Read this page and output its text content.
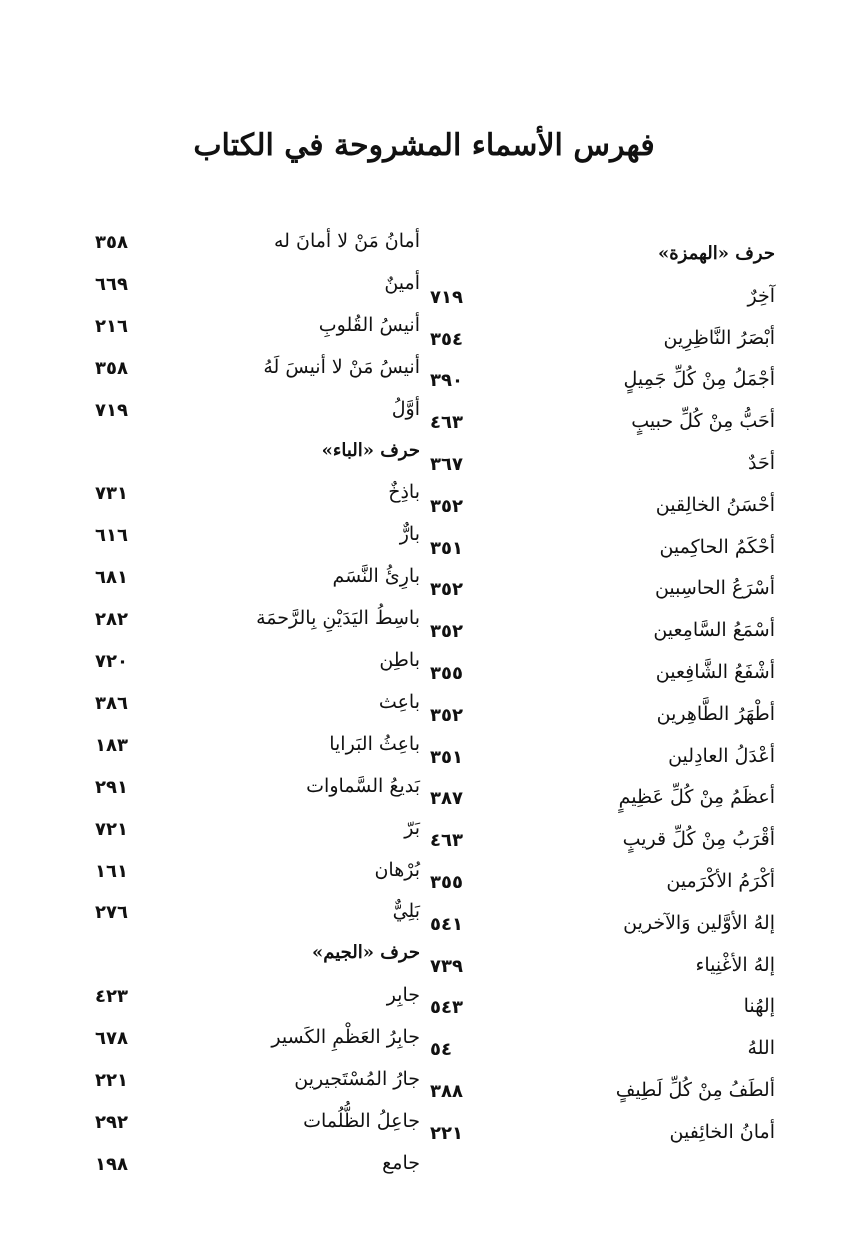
فهرس الأسماء المشروحة في الكتاب
حرف «الهمزة»
آخِرٌ
٧١٩
أبْصَرُ النَّاظِرِين
٣٥٤
أجْمَلُ مِنْ كُلِّ جَمِيلٍ
٣٩٠
أحَبُّ مِنْ كُلِّ حبيبٍ
٤٦٣
أحَدٌ
٣٦٧
أحْسَنُ الخالِقين
٣٥٢
أحْكَمُ الحاكِمين
٣٥١
أسْرَعُ الحاسِبين
٣٥٢
أسْمَعُ السَّامِعين
٣٥٢
أشْفَعُ الشَّافِعين
٣٥٥
أطْهَرُ الطَّاهِرين
٣٥٢
أعْدَلُ العادِلين
٣٥١
أعظَمُ مِنْ كُلِّ عَظِيمٍ
٣٨٧
أقْرَبُ مِنْ كُلِّ قريبٍ
٤٦٣
أكْرَمُ الأكْرَمين
٣٥٥
إلهُ الأوَّلين وَالآخرين
٥٤١
إلهُ الأغْنِياء
٧٣٩
إلهُنا
٥٤٣
اللهُ
٥٤
ألطَفُ مِنْ كُلِّ لَطِيفٍ
٣٨٨
أمانُ الخائِفين
٢٢١
أمانُ مَنْ لا أمانَ له
٣٥٨
أمينٌ
٦٦٩
أنيسُ القُلوبِ
٢١٦
أنيسُ مَنْ لا أنيسَ لَهُ
٣٥٨
أوَّلُ
٧١٩
حرف «الباء»
باذِخٌ
٧٣١
بارٌّ
٦١٦
بارِئُ النَّسَم
٦٨١
باسِطُ اليَدَيْنِ بِالرَّحمَة
٢٨٢
باطِن
٧٢٠
باعِث
٣٨٦
باعِثُ البَرايا
١٨٣
بَديعُ السَّماوات
٢٩١
بَرّ
٧٢١
بُرْهان
١٦١
بَلِيٌّ
٢٧٦
حرف «الجيم»
جابِر
٤٢٣
جابِرُ العَظْمِ الكَسير
٦٧٨
جارُ المُسْتَجيرين
٢٢١
جاعِلُ الظُّلُمات
٢٩٢
جامع
١٩٨
